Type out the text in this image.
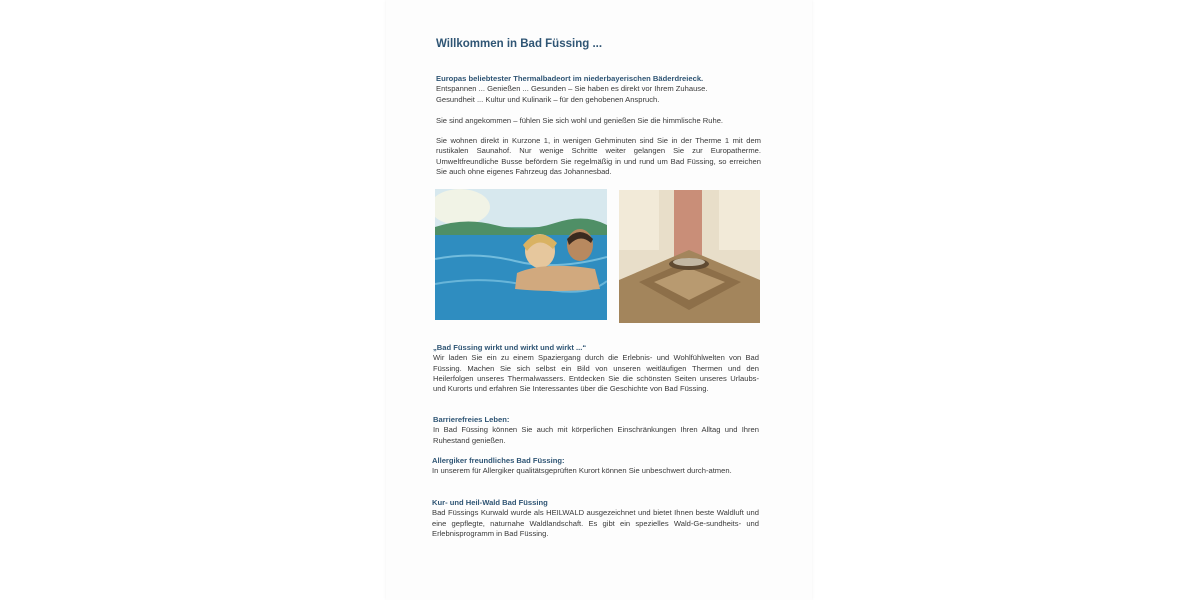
Willkommen in Bad Füssing ...

Europas beliebtester Thermalbadeort im niederbayerischen Bäderdreieck.

Entspannen ... Genießen ... Gesunden – Sie haben es direkt vor Ihrem Zuhause.

Gesundheit ... Kultur und Kulinarik – für den gehobenen Anspruch.

Sie sind angekommen – fühlen Sie sich wohl und genießen Sie die himmlische Ruhe.

Sie wohnen direkt in Kurzone 1, in wenigen Gehminuten sind Sie in der Therme 1 mit dem rustikalen Saunahof. Nur wenige Schritte weiter gelangen Sie zur Europatherme. Umweltfreundliche Busse befördern Sie regelmäßig in und rund um Bad Füssing, so erreichen Sie auch ohne eigenes Fahrzeug das Johannesbad.

„Bad Füssing wirkt und wirkt und wirkt ...“

Wir laden Sie ein zu einem Spaziergang durch die Erlebnis- und Wohlfühlwelten von Bad Füssing. Machen Sie sich selbst ein Bild von unseren weitläufigen Thermen und den Heilerfolgen unseres Thermalwassers. Entdecken Sie die schönsten Seiten unseres Urlaubs- und Kurorts und erfahren Sie Interessantes über die Geschichte von Bad Füssing.

Barrierefreies Leben:

In Bad Füssing können Sie auch mit körperlichen Einschränkungen Ihren Alltag und Ihren Ruhestand genießen.

Allergiker freundliches Bad Füssing:

In unserem für Allergiker qualitätsgeprüften Kurort können Sie unbeschwert durch-atmen.

Kur- und Heil-Wald Bad Füssing

Bad Füssings Kurwald wurde als HEILWALD ausgezeichnet und bietet Ihnen beste Waldluft und eine gepflegte, naturnahe Waldlandschaft. Es gibt ein spezielles Wald-Ge-sundheits- und Erlebnisprogramm in Bad Füssing.
